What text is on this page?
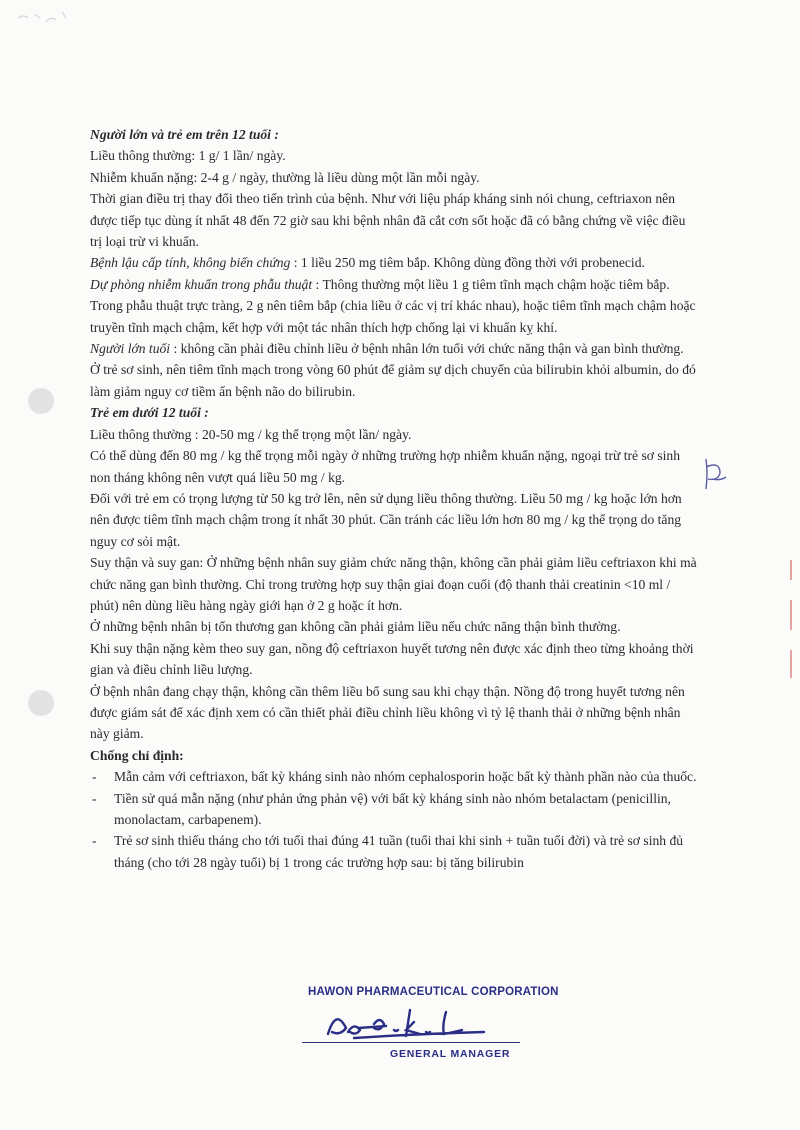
Người lớn và trẻ em trên 12 tuổi :

Liều thông thường: 1 g/ 1 lần/ ngày.

Nhiễm khuẩn nặng: 2-4 g / ngày, thường là liều dùng một lần mỗi ngày.

Thời gian điều trị thay đổi theo tiến trình của bệnh. Như với liệu pháp kháng sinh nói chung, ceftriaxon nên được tiếp tục dùng ít nhất 48 đến 72 giờ sau khi bệnh nhân đã cắt cơn sốt hoặc đã có bằng chứng về việc điều trị loại trừ vi khuẩn.

Bệnh lậu cấp tính, không biến chứng : 1 liều 250 mg tiêm bắp. Không dùng đồng thời với probenecid.

Dự phòng nhiễm khuẩn trong phẫu thuật : Thông thường một liều 1 g tiêm tĩnh mạch chậm hoặc tiêm bắp. Trong phẫu thuật trực tràng, 2 g nên tiêm bắp (chia liều ở các vị trí khác nhau), hoặc tiêm tĩnh mạch chậm hoặc truyền tĩnh mạch chậm, kết hợp với một tác nhân thích hợp chống lại vi khuẩn kỵ khí.

Người lớn tuổi : không cần phải điều chỉnh liều ở bệnh nhân lớn tuổi với chức năng thận và gan bình thường.

Ở trẻ sơ sinh, nên tiêm tĩnh mạch trong vòng 60 phút để giảm sự dịch chuyển của bilirubin khỏi albumin, do đó làm giảm nguy cơ tiềm ẩn bệnh não do bilirubin.

Trẻ em dưới 12 tuổi :

Liều thông thường : 20-50 mg / kg thể trọng một lần/ ngày.

Có thể dùng đến 80 mg / kg thể trọng mỗi ngày ở những trường hợp nhiễm khuẩn nặng, ngoại trừ trẻ sơ sinh non tháng không nên vượt quá liều 50 mg / kg.

Đối với trẻ em có trọng lượng từ 50 kg trở lên, nên sử dụng liều thông thường. Liều 50 mg / kg hoặc lớn hơn nên được tiêm tĩnh mạch chậm trong ít nhất 30 phút. Cần tránh các liều lớn hơn 80 mg / kg thể trọng do tăng nguy cơ sỏi mật.

Suy thận và suy gan: Ở những bệnh nhân suy giảm chức năng thận, không cần phải giảm liều ceftriaxon khi mà chức năng gan bình thường. Chỉ trong trường hợp suy thận giai đoạn cuối (độ thanh thải creatinin <10 ml / phút) nên dùng liều hàng ngày giới hạn ở 2 g hoặc ít hơn.

Ở những bệnh nhân bị tổn thương gan không cần phải giảm liều nếu chức năng thận bình thường.

Khi suy thận nặng kèm theo suy gan, nồng độ ceftriaxon huyết tương nên được xác định theo từng khoảng thời gian và điều chỉnh liều lượng.

Ở bệnh nhân đang chạy thận, không cần thêm liều bổ sung sau khi chạy thận. Nồng độ trong huyết tương nên được giám sát để xác định xem có cần thiết phải điều chỉnh liều không vì tỷ lệ thanh thải ở những bệnh nhân này giảm.

Chống chỉ định:

-	Mẫn cảm với ceftriaxon, bất kỳ kháng sinh nào nhóm cephalosporin hoặc bất kỳ thành phần nào của thuốc.
-	Tiền sử quá mẫn nặng (như phản ứng phản vệ) với bất kỳ kháng sinh nào nhóm betalactam (penicillin, monolactam, carbapenem).
-	Trẻ sơ sinh thiếu tháng cho tới tuổi thai đúng 41 tuần (tuổi thai khi sinh + tuần tuổi đời) và trẻ sơ sinh đủ tháng (cho tới 28 ngày tuổi) bị 1 trong các trường hợp sau: bị tăng bilirubin
HAWON PHARMACEUTICAL CORPORATION
GENERAL MANAGER
